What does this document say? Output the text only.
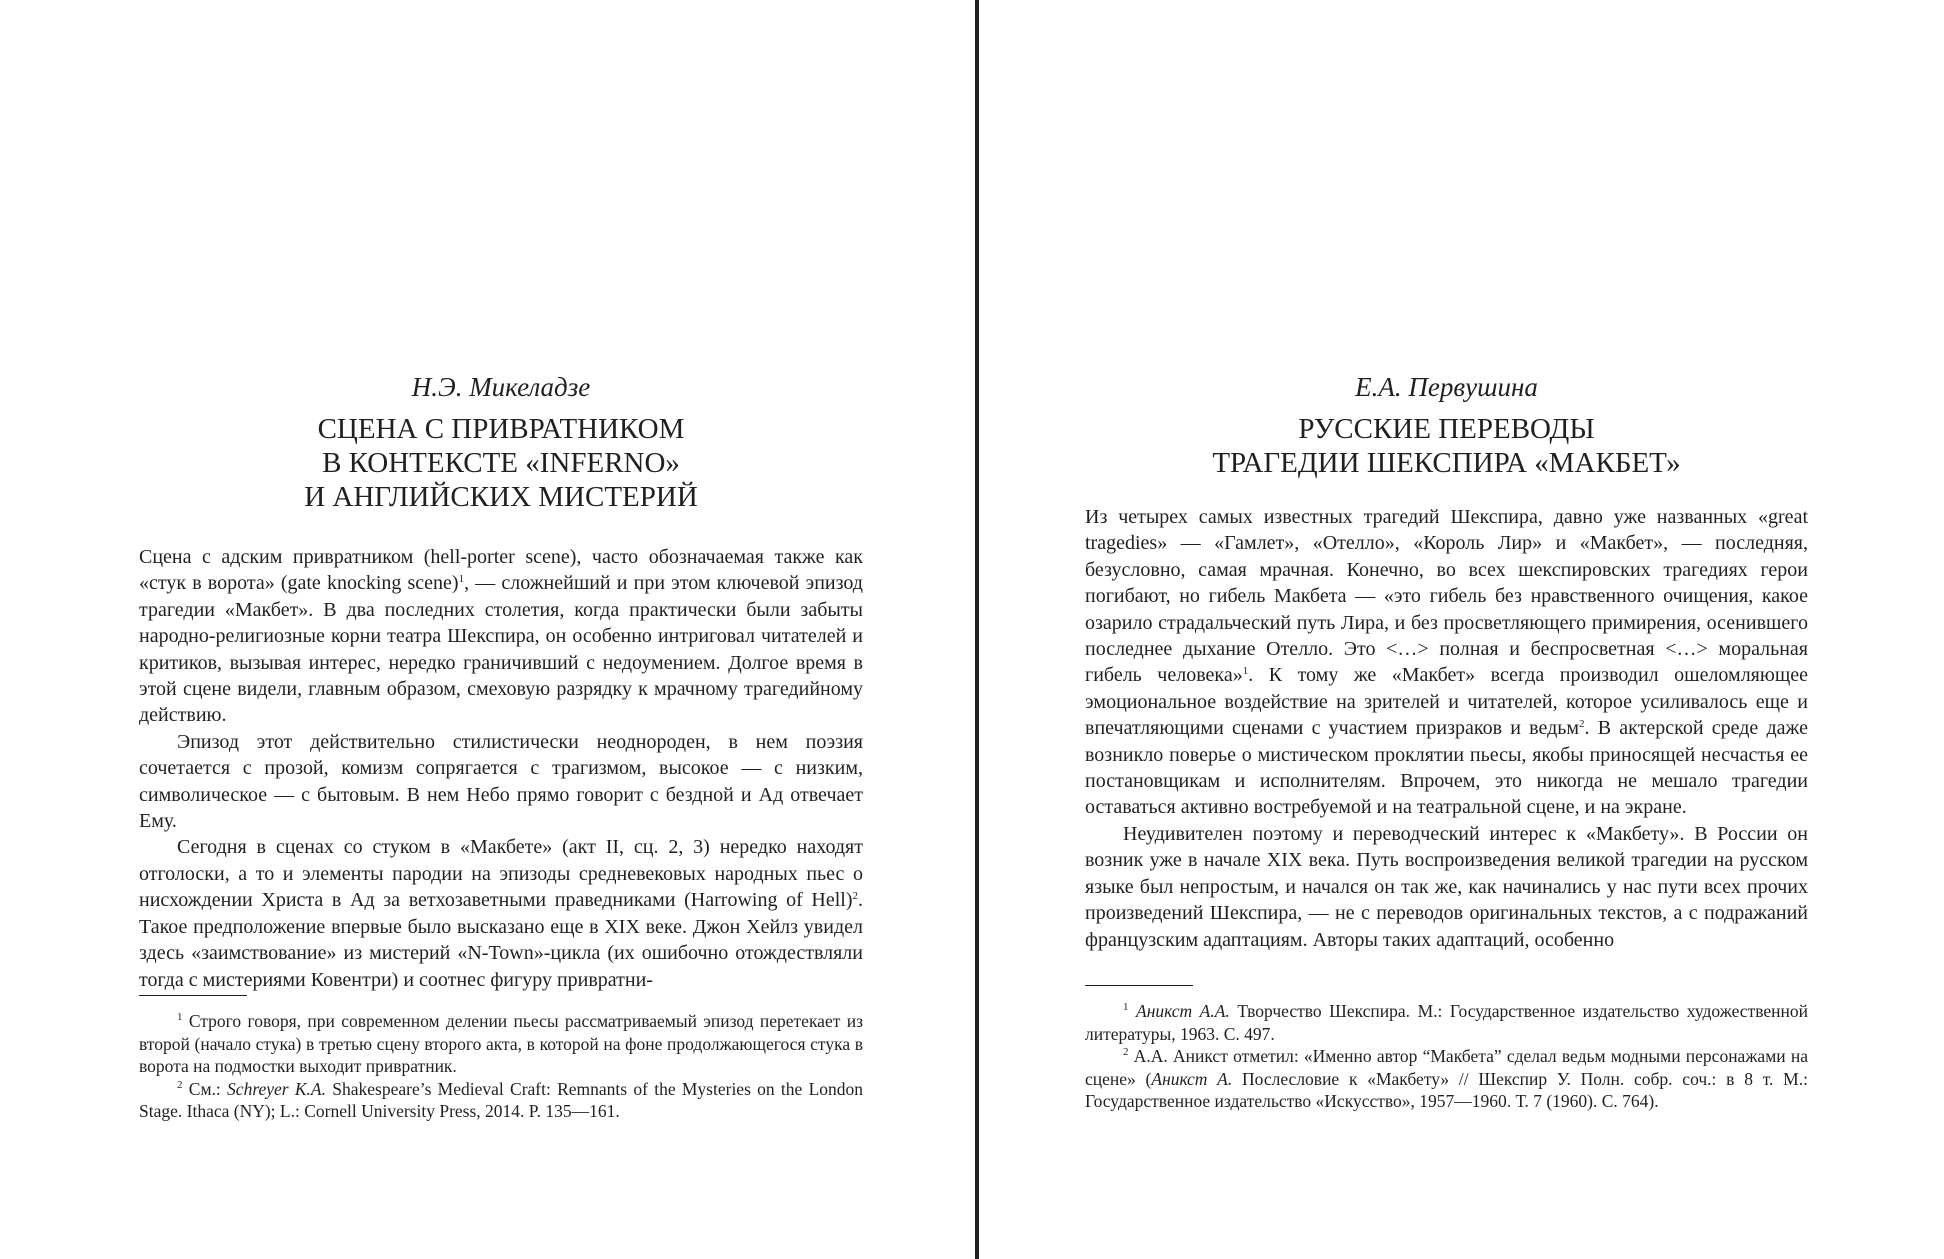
Н.Э. Микеладзе
СЦЕНА С ПРИВРАТНИКОМ
В КОНТЕКСТЕ «INFERNO»
И АНГЛИЙСКИХ МИСТЕРИЙ

Сцена с адским привратником (hell-porter scene), часто обозначаемая также как «стук в ворота» (gate knocking scene)$^1$, — сложнейший и при этом ключевой эпизод трагедии «Макбет». В два последних столетия, когда практически были забыты народно-религиозные корни театра Шекспира, он особенно интриговал читателей и критиков, вызывая интерес, нередко граничивший с недоумением. Долгое время в этой сцене видели, главным образом, смеховую разрядку к мрачному трагедийному действию.

Эпизод этот действительно стилистически неоднороден, в нем поэзия сочетается с прозой, комизм сопрягается с трагизмом, высокое — с низким, символическое — с бытовым. В нем Небо прямо говорит с бездной и Ад отвечает Ему.

Сегодня в сценах со стуком в «Макбете» (акт II, сц. 2, 3) нередко находят отголоски, а то и элементы пародии на эпизоды средневековых народных пьес о нисхождении Христа в Ад за ветхозаветными праведниками (Harrowing of Hell)$^2$. Такое предположение впервые было высказано еще в XIX веке. Джон Хейлз увидел здесь «заимствование» из мистерий «N-Town»-цикла (их ошибочно отождествляли тогда с мистериями Ковентри) и соотнес фигуру привратни-

$^1$ Строго говоря, при современном делении пьесы рассматриваемый эпизод перетекает из второй (начало стука) в третью сцену второго акта, в которой на фоне продолжающегося стука в ворота на подмостки выходит привратник.

$^2$ См.: Schreyer K.A. Shakespeare’s Medieval Craft: Remnants of the Mysteries on the London Stage. Ithaca (NY); L.: Cornell University Press, 2014. P. 135—161.

Е.А. Первушина
РУССКИЕ ПЕРЕВОДЫ
ТРАГЕДИИ ШЕКСПИРА «МАКБЕТ»

Из четырех самых известных трагедий Шекспира, давно уже названных «great tragedies» — «Гамлет», «Отелло», «Король Лир» и «Макбет», — последняя, безусловно, самая мрачная. Конечно, во всех шекспировских трагедиях герои погибают, но гибель Макбета — «это гибель без нравственного очищения, какое озарило страдальческий путь Лира, и без просветляющего примирения, осенившего последнее дыхание Отелло. Это <…> полная и беспросветная <…> моральная гибель человека»$^1$. К тому же «Макбет» всегда производил ошеломляющее эмоциональное воздействие на зрителей и читателей, которое усиливалось еще и впечатляющими сценами с участием призраков и ведьм$^2$. В актерской среде даже возникло поверье о мистическом проклятии пьесы, якобы приносящей несчастья ее постановщикам и исполнителям. Впрочем, это никогда не мешало трагедии оставаться активно востребуемой и на театральной сцене, и на экране.

Неудивителен поэтому и переводческий интерес к «Макбету». В России он возник уже в начале XIX века. Путь воспроизведения великой трагедии на русском языке был непростым, и начался он так же, как начинались у нас пути всех прочих произведений Шекспира, — не с переводов оригинальных текстов, а с подражаний французским адаптациям. Авторы таких адаптаций, особенно

$^1$ Аникст А.А. Творчество Шекспира. М.: Государственное издательство художественной литературы, 1963. С. 497.

$^2$ А.А. Аникст отметил: «Именно автор “Макбета” сделал ведьм модными персонажами на сцене» (Аникст А. Послесловие к «Макбету» // Шекспир У. Полн. собр. соч.: в 8 т. М.: Государственное издательство «Искусство», 1957—1960. Т. 7 (1960). С. 764).
